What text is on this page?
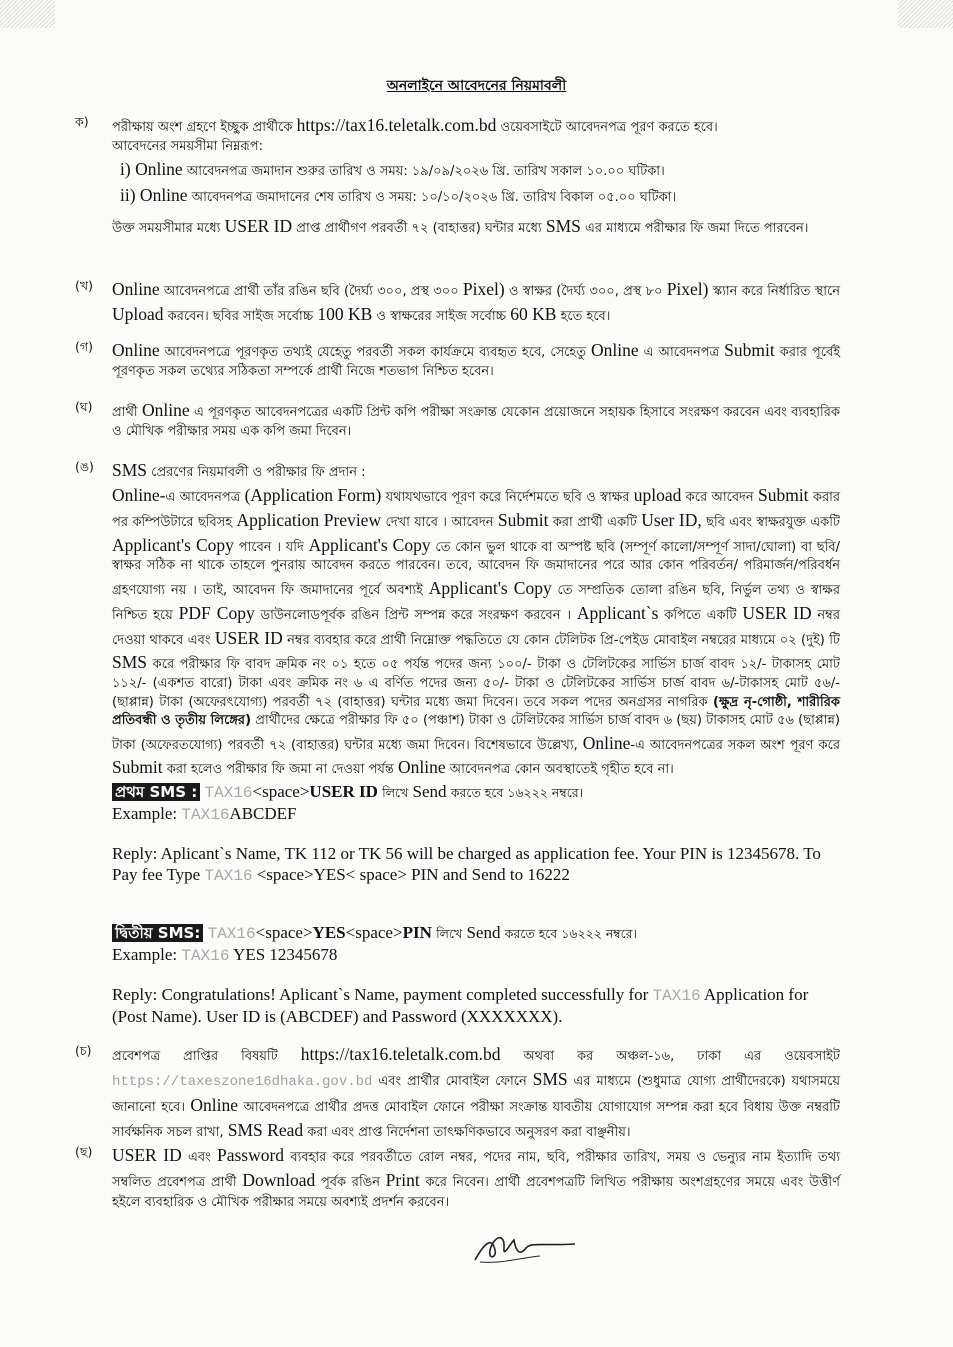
অনলাইনে আবেদনের নিয়মাবলী
ক)	পরীক্ষায় অংশ গ্রহণে ইচ্ছুক প্রার্থীকে https://tax16.teletalk.com.bd ওয়েবসাইটে আবেদনপত্র পূরণ করতে হবে।
আবেদনের সময়সীমা নিম্নরূপ:
i) Online আবেদনপত্র জমাদান শুরুর তারিখ ও সময়: ১৯/০৯/২০২৬ খ্রি. তারিখ সকাল ১০.০০ ঘটিকা।
ii) Online আবেদনপত্র জমাদানের শেষ তারিখ ও সময়: ১০/১০/২০২৬ খ্রি. তারিখ বিকাল ০৫.০০ ঘটিকা।
উক্ত সময়সীমার মধ্যে USER ID প্রাপ্ত প্রার্থীগণ পরবর্তী ৭২ (বাহাত্তর) ঘন্টার মধ্যে SMS এর মাধ্যমে পরীক্ষার ফি জমা দিতে পারবেন।
(খ)	Online আবেদনপত্রে প্রার্থী তাঁর রঙিন ছবি (দৈর্ঘ্য ৩০০, প্রস্থ ৩০০ Pixel) ও স্বাক্ষর (দৈর্ঘ্য ৩০০, প্রস্থ ৮০ Pixel) স্ক্যান করে নির্ধারিত স্থানে Upload করবেন। ছবির সাইজ সর্বোচ্চ 100 KB ও স্বাক্ষরের সাইজ সর্বোচ্চ 60 KB হতে হবে।
(গ)	Online আবেদনপত্রে পূরণকৃত তথ্যই যেহেতু পরবর্তী সকল কার্যক্রমে ব্যবহৃত হবে, সেহেতু Online এ আবেদনপত্র Submit করার পূর্বেই পূরণকৃত সকল তথ্যের সঠিকতা সম্পর্কে প্রার্থী নিজে শতভাগ নিশ্চিত হবেন।
(ঘ)	প্রার্থী Online এ পূরণকৃত আবেদনপত্রের একটি প্রিন্ট কপি পরীক্ষা সংক্রান্ত যেকোন প্রয়োজনে সহায়ক হিসাবে সংরক্ষণ করবেন এবং ব্যবহারিক ও মৌখিক পরীক্ষার সময় এক কপি জমা দিবেন।
(ঙ)	SMS প্রেরণের নিয়মাবলী ও পরীক্ষার ফি প্রদান :
Online-এ আবেদনপত্র (Application Form) যথাযথভাবে পূরণ করে নির্দেশমতে ছবি ও স্বাক্ষর upload করে আবেদন Submit করার পর কম্পিউটারে ছবিসহ Application Preview দেখা যাবে । আবেদন Submit করা প্রার্থী একটি User ID, ছবি এবং স্বাক্ষরযুক্ত একটি Applicant's Copy পাবেন । যদি Applicant's Copy তে কোন ভুল থাকে বা অস্পষ্ট ছবি (সম্পূর্ণ কালো/সম্পূর্ণ সাদা/ঘোলা) বা ছবি/স্বাক্ষর সঠিক না থাকে তাহলে পুনরায় আবেদন করতে পারবেন। তবে, আবেদন ফি জমাদানের পরে আর কোন পরিবর্তন/ পরিমার্জন/পরিবর্ধন গ্রহণযোগ্য নয় । তাই, আবেদন ফি জমাদানের পূর্বে অবশ্যই Applicant's Copy তে সম্প্রতিক তোলা রঙিন ছবি, নির্ভুল তথ্য ও স্বাক্ষর নিশ্চিত হয়ে PDF Copy ডাউনলোডপূর্বক রঙিন প্রিন্ট সম্পন্ন করে সংরক্ষণ করবেন । Applicant`s কপিতে একটি USER ID নম্বর দেওয়া থাকবে এবং USER ID নম্বর ব্যবহার করে প্রার্থী নিম্নোক্ত পদ্ধতিতে যে কোন টেলিটক প্রি-পেইড মোবাইল নম্বরের মাধ্যমে ০২ (দুই) টি SMS করে পরীক্ষার ফি বাবদ ক্রমিক নং ০১ হতে ০৫ পর্যন্ত পদের জন্য ১০০/- টাকা ও টেলিটকের সার্ভিস চার্জ বাবদ ১২/- টাকাসহ মোট ১১২/- (একশত বারো) টাকা এবং ক্রমিক নং ৬ এ বর্ণিত পদের জন্য ৫০/- টাকা ও টেলিটকের সার্ভিস চার্জ বাবদ ৬/-টাকাসহ মোট ৫৬/- (ছাপ্পান্ন) টাকা (অফেরৎযোগ্য) পরবর্তী ৭২ (বাহাত্তর) ঘন্টার মধ্যে জমা দিবেন। তবে সকল পদের অনগ্রসর নাগরিক (ক্ষুদ্র নৃ-গোষ্ঠী, শারীরিক প্রতিবন্ধী ও তৃতীয় লিঙ্গের) প্রার্থীদের ক্ষেত্রে পরীক্ষার ফি ৫০ (পঞ্চাশ) টাকা ও টেলিটকের সার্ভিস চার্জ বাবদ ৬ (ছয়) টাকাসহ মোট ৫৬ (ছাপ্পান্ন) টাকা (অফেরতযোগ্য) পরবর্তী ৭২ (বাহাত্তর) ঘন্টার মধ্যে জমা দিবেন। বিশেষভাবে উল্লেখ্য, Online-এ আবেদনপত্রের সকল অংশ পূরণ করে Submit করা হলেও পরীক্ষার ফি জমা না দেওয়া পর্যন্ত Online আবেদনপত্র কোন অবস্থাতেই গৃহীত হবে না।
প্রথম SMS : TAX16<space>USER ID লিখে Send করতে হবে ১৬২২২ নম্বরে।
Example: TAX16ABCDEF
Reply: Aplicant`s Name, TK 112 or TK 56 will be charged as application fee. Your PIN is 12345678. To Pay fee Type TAX16 <space>YES< space> PIN and Send to 16222
দ্বিতীয় SMS: TAX16<space>YES<space>PIN লিখে Send করতে হবে ১৬২২২ নম্বরে।
Example: TAX16 YES 12345678
Reply: Congratulations! Aplicant`s Name, payment completed successfully for TAX16 Application for (Post Name). User ID is (ABCDEF) and Password (XXXXXXX).
(চ)	প্রবেশপত্র প্রাপ্তির বিষয়টি https://tax16.teletalk.com.bd অথবা কর অঞ্চল-১৬, ঢাকা এর ওয়েবসাইট https://taxeszone16dhaka.gov.bd এবং প্রার্থীর মোবাইল ফোনে SMS এর মাধ্যমে (শুধুমাত্র যোগ্য প্রার্থীদেরকে) যথাসময়ে জানানো হবে। Online আবেদনপত্রে প্রার্থীর প্রদত্ত মোবাইল ফোনে পরীক্ষা সংক্রান্ত যাবতীয় যোগাযোগ সম্পন্ন করা হবে বিধায় উক্ত নম্বরটি সার্বক্ষনিক সচল রাখা, SMS Read করা এবং প্রাপ্ত নির্দেশনা তাৎক্ষণিকভাবে অনুসরণ করা বাঞ্ছনীয়।
(ছ)	USER ID এবং Password ব্যবহার করে পরবর্তীতে রোল নম্বর, পদের নাম, ছবি, পরীক্ষার তারিখ, সময় ও ভেন্যুর নাম ইত্যাদি তথ্য সম্বলিত প্রবেশপত্র প্রার্থী Download পূর্বক রঙিন Print করে নিবেন। প্রার্থী প্রবেশপত্রটি লিখিত পরীক্ষায় অংশগ্রহণের সময়ে এবং উত্তীর্ণ হইলে ব্যবহারিক ও মৌখিক পরীক্ষার সময়ে অবশ্যই প্রদর্শন করবেন।
